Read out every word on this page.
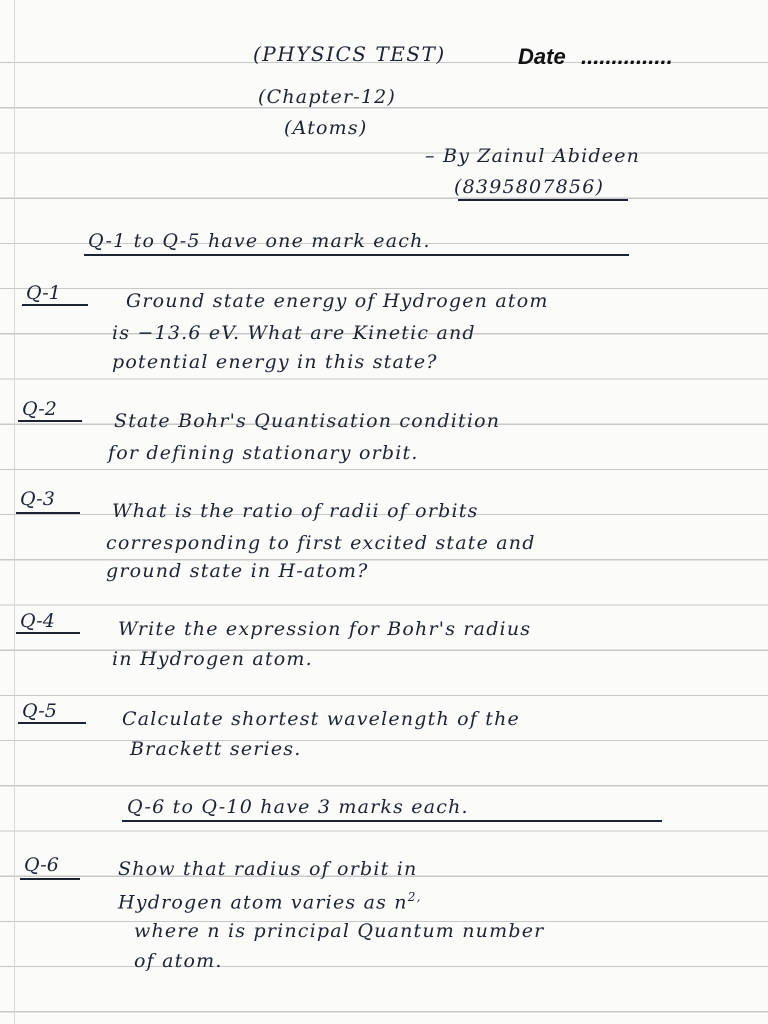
(PHYSICS TEST)	Date ...............
(Chapter-12)
(Atoms)
– By Zainul Abideen
(8395807856)
Q-1 to Q-5 have one mark each.
Q-1	Ground state energy of Hydrogen atom
is −13.6 eV. What are Kinetic and
potential energy in this state?
Q-2
State Bohr's Quantisation condition
for defining stationary orbit.
Q-3
What is the ratio of radii of orbits
corresponding to first excited state and
ground state in H-atom?
Q-4	Write the expression for Bohr's radius
in Hydrogen atom.
Q-5	Calculate shortest wavelength of the
Brackett series.
Q-6 to Q-10 have 3 marks each.
Q-6	Show that radius of orbit in
Hydrogen atom varies as $n^{2,}$
where n is principal Quantum number
of atom.
